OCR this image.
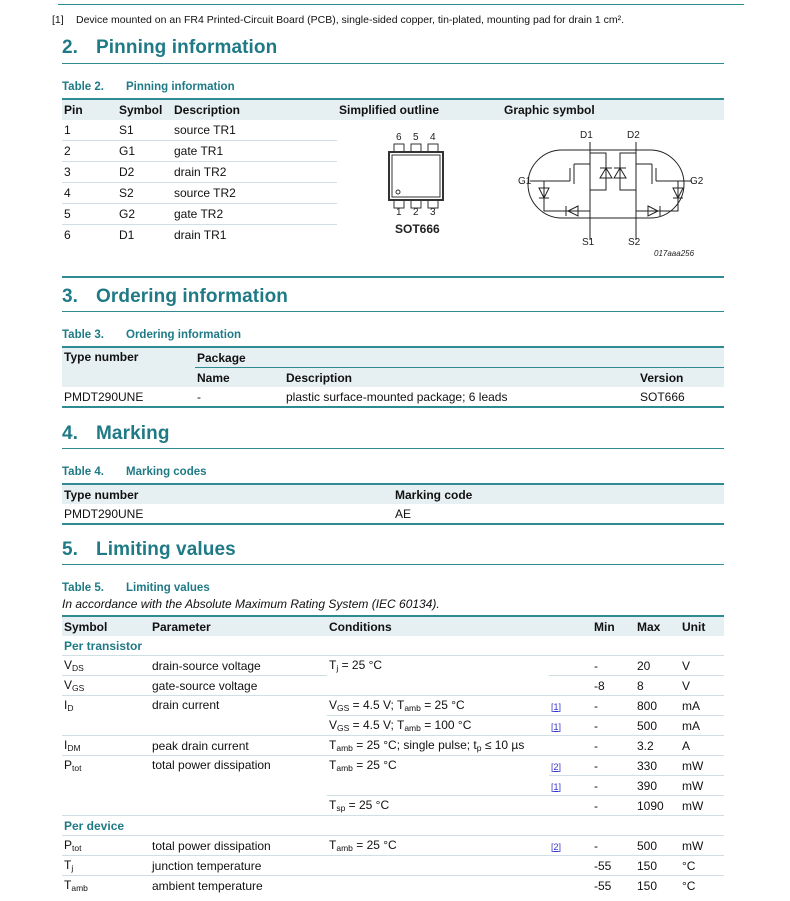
[1] Device mounted on an FR4 Printed-Circuit Board (PCB), single-sided copper, tin-plated, mounting pad for drain 1 cm².
2. Pinning information
Table 2. Pinning information
Pin	Symbol	Description	Simplified outline	Graphic symbol
1	S1	source TR1	
6 5 4
1 2 3
SOT666

D1	D2
G1	G2
S1	S2
017aaa256

2	G1	gate TR1		
3	D2	drain TR2		
4	S2	source TR2		
5	G2	gate TR2		
6	D1	drain TR1		

3. Ordering information
Table 3. Ordering information
Type number	Package		
	Name	Description	Version
PMDT290UNE	-	plastic surface-mounted package; 6 leads	SOT666
4. Marking
Table 4. Marking codes
Type number	Marking code
PMDT290UNE	AE
5. Limiting values
Table 5. Limiting values
In accordance with the Absolute Maximum Rating System (IEC 60134).
Symbol	Parameter	Conditions		Min	Max	Unit
Per transistor						
$V_{DS}$	drain-source voltage	$T_j = 25$ °C		-	20	V
$V_{GS}$	gate-source voltage			-8	8	V
$I_D$	drain current	$V_{GS} = 4.5$ V; $T_{amb} = 25$ °C	[1]	-	800	mA
		$V_{GS} = 4.5$ V; $T_{amb} = 100$ °C	[1]	-	500	mA
$I_{DM}$	peak drain current	$T_{amb} = 25$ °C; single pulse; $t_p \le 10$ µs		-	3.2	A
$P_{tot}$	total power dissipation	$T_{amb} = 25$ °C	[2]	-	330	mW
			[1]	-	390	mW
		$T_{sp} = 25$ °C		-	1090	mW
Per device						
$P_{tot}$	total power dissipation	$T_{amb} = 25$ °C	[2]	-	500	mW
$T_j$	junction temperature			-55	150	°C
$T_{amb}$	ambient temperature			-55	150	°C
